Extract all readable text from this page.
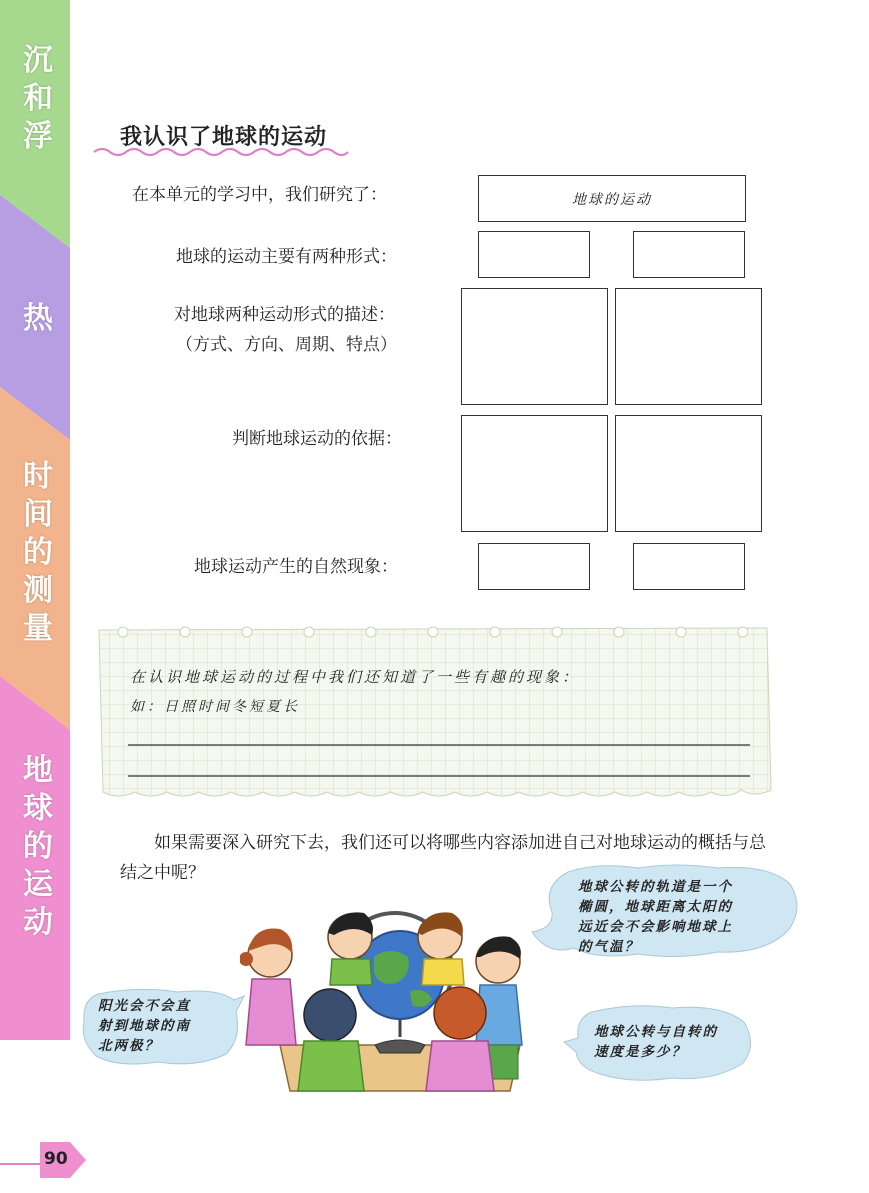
沉
和
浮
热
时
间
的
测
量
地
球
的
运
动
我认识了地球的运动
在本单元的学习中，我们研究了：
地球的运动主要有两种形式：
对地球两种运动形式的描述：
（方式、方向、周期、特点）
判断地球运动的依据：
地球运动产生的自然现象：
地球的运动
在认识地球运动的过程中我们还知道了一些有趣的现象：
如：日照时间冬短夏长
如果需要深入研究下去，我们还可以将哪些内容添加进自己对地球运动的概括与总结之中呢？
地球公转的轨道是一个
椭圆，地球距离太阳的
远近会不会影响地球上
的气温？
阳光会不会直
射到地球的南
北两极？
地球公转与自转的
速度是多少？
90
